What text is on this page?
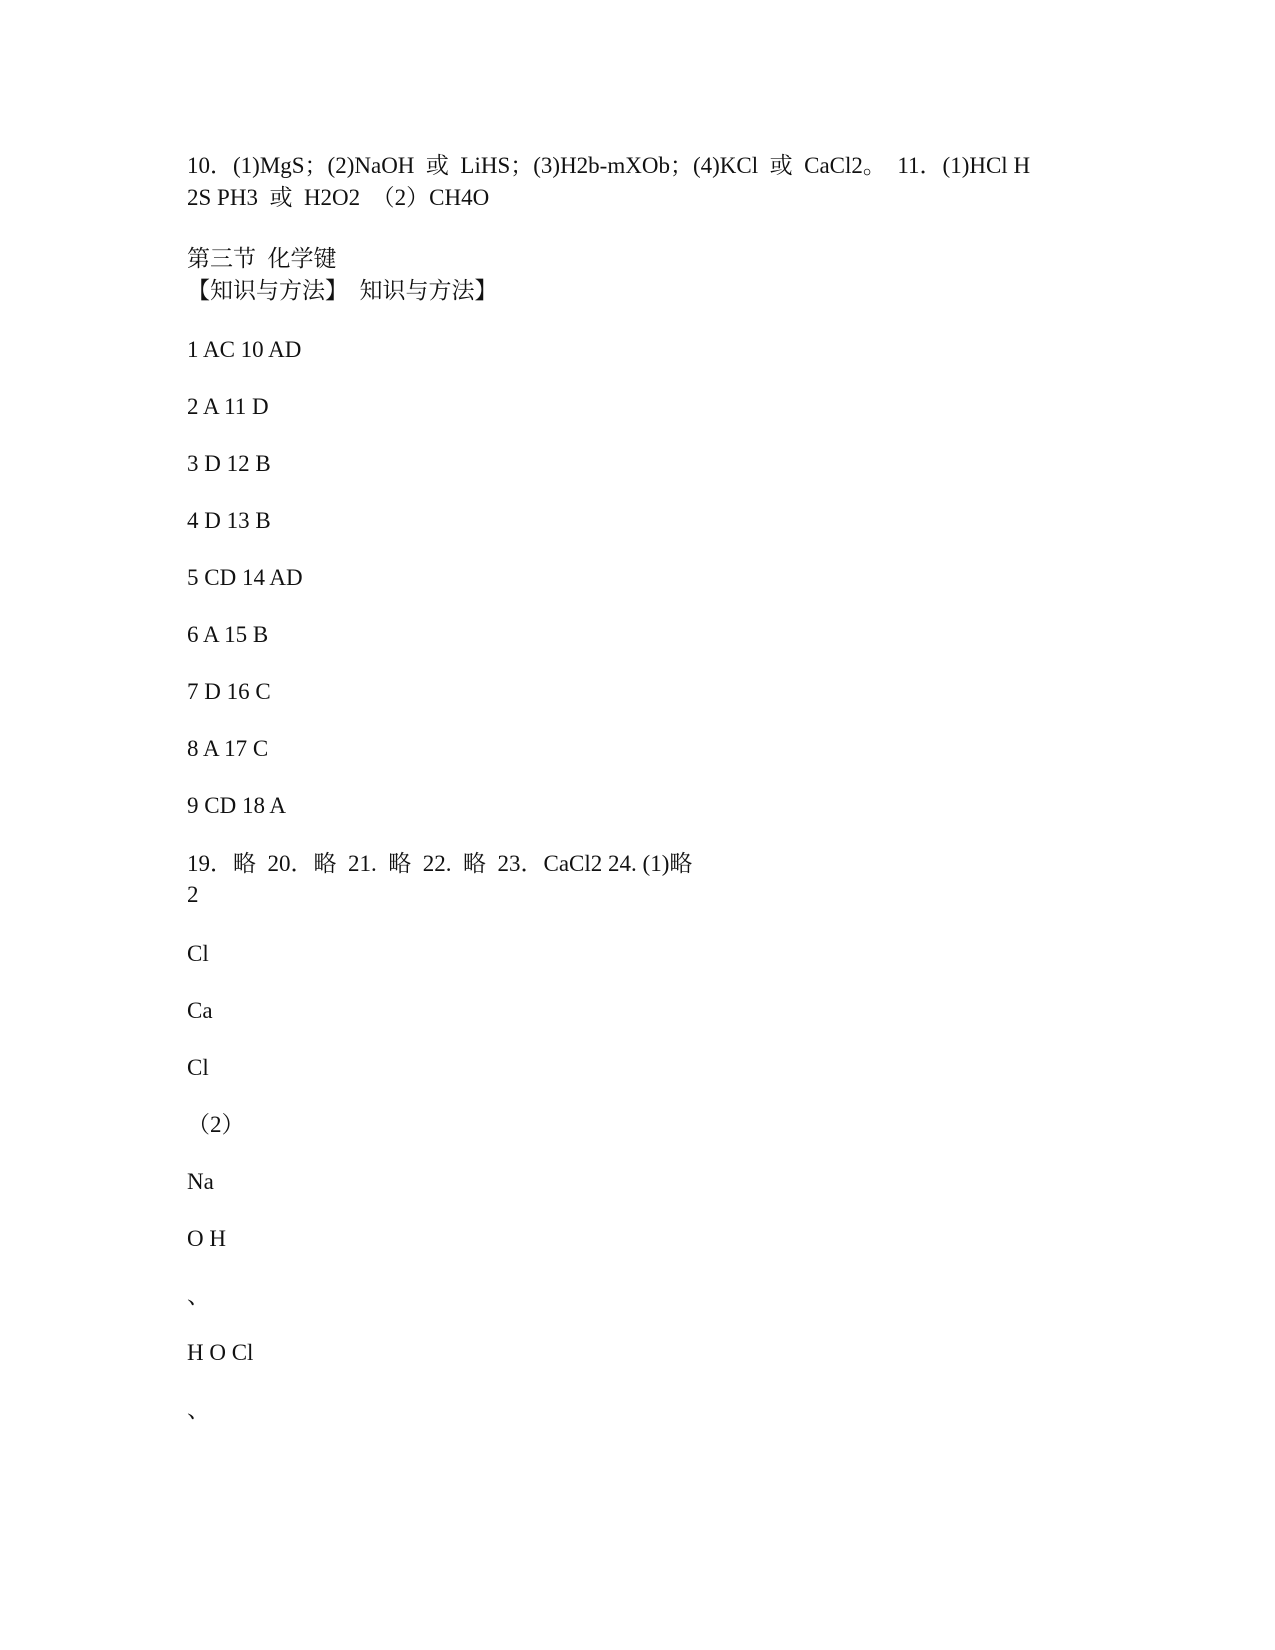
10．(1)MgS；(2)NaOH  或  LiHS；(3)H2b-mXOb；(4)KCl  或  CaCl2。  11．(1)HCl H
2S PH3  或  H2O2  （2）CH4O
第三节  化学键
【知识与方法】  知识与方法】
1 AC 10 AD
2 A 11 D
3 D 12 B
4 D 13 B
5 CD 14 AD
6 A 15 B
7 D 16 C
8 A 17 C
9 CD 18 A
19．略  20．略  21.  略  22.  略  23．CaCl2 24. (1)略
2
Cl
Ca
Cl
（2）
Na
O H
、
H O Cl
、
